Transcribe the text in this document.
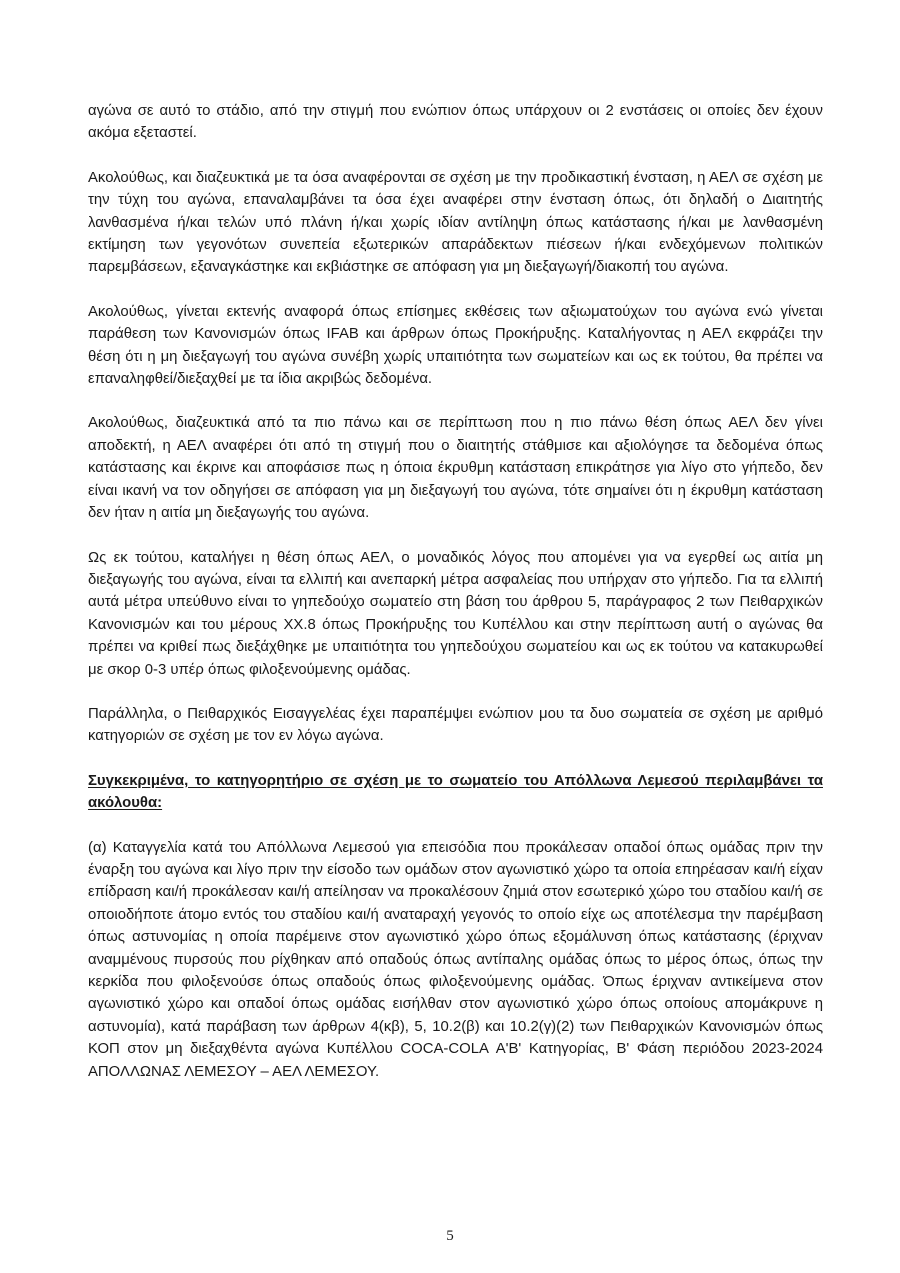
αγώνα σε αυτό το στάδιο, από την στιγμή που ενώπιον όπως υπάρχουν οι 2 ενστάσεις οι οποίες δεν έχουν ακόμα εξεταστεί.

Ακολούθως, και διαζευκτικά με τα όσα αναφέρονται σε σχέση με την προδικαστική ένσταση, η ΑΕΛ σε σχέση με την τύχη του αγώνα, επαναλαμβάνει τα όσα έχει αναφέρει στην ένσταση όπως, ότι δηλαδή ο Διαιτητής λανθασμένα ή/και τελών υπό πλάνη ή/και χωρίς ιδίαν αντίληψη όπως κατάστασης ή/και με λανθασμένη εκτίμηση των γεγονότων συνεπεία εξωτερικών απαράδεκτων πιέσεων ή/και ενδεχόμενων πολιτικών παρεμβάσεων, εξαναγκάστηκε και εκβιάστηκε σε απόφαση για μη διεξαγωγή/διακοπή του αγώνα.

Ακολούθως, γίνεται εκτενής αναφορά όπως επίσημες εκθέσεις των αξιωματούχων του αγώνα ενώ γίνεται παράθεση των Κανονισμών όπως IFAB και άρθρων όπως Προκήρυξης. Καταλήγοντας η ΑΕΛ εκφράζει την θέση ότι η μη διεξαγωγή του αγώνα συνέβη χωρίς υπαιτιότητα των σωματείων και ως εκ τούτου, θα πρέπει να επαναληφθεί/διεξαχθεί με τα ίδια ακριβώς δεδομένα.

Ακολούθως, διαζευκτικά από τα πιο πάνω και σε περίπτωση που η πιο πάνω θέση όπως ΑΕΛ δεν γίνει αποδεκτή, η ΑΕΛ αναφέρει ότι από τη στιγμή που ο διαιτητής στάθμισε και αξιολόγησε τα δεδομένα όπως κατάστασης και έκρινε και αποφάσισε πως η όποια έκρυθμη κατάσταση επικράτησε για λίγο στο γήπεδο, δεν είναι ικανή να τον οδηγήσει σε απόφαση για μη διεξαγωγή του αγώνα, τότε σημαίνει ότι η έκρυθμη κατάσταση δεν ήταν η αιτία μη διεξαγωγής του αγώνα.

Ως εκ τούτου, καταλήγει η θέση όπως ΑΕΛ, ο μοναδικός λόγος που απομένει για να εγερθεί ως αιτία μη διεξαγωγής του αγώνα, είναι τα ελλιπή και ανεπαρκή μέτρα ασφαλείας που υπήρχαν στο γήπεδο. Για τα ελλιπή αυτά μέτρα υπεύθυνο είναι το γηπεδούχο σωματείο στη βάση του άρθρου 5, παράγραφος 2 των Πειθαρχικών Κανονισμών και του μέρους ΧΧ.8 όπως Προκήρυξης του Κυπέλλου και στην περίπτωση αυτή ο αγώνας θα πρέπει να κριθεί πως διεξάχθηκε με υπαιτιότητα του γηπεδούχου σωματείου και ως εκ τούτου να κατακυρωθεί με σκορ 0-3 υπέρ όπως φιλοξενούμενης ομάδας.

Παράλληλα, ο Πειθαρχικός Εισαγγελέας έχει παραπέμψει ενώπιον μου τα δυο σωματεία σε σχέση με αριθμό κατηγοριών σε σχέση με τον εν λόγω αγώνα.

Συγκεκριμένα, το κατηγορητήριο σε σχέση με το σωματείο του Απόλλωνα Λεμεσού περιλαμβάνει τα ακόλουθα:

(α) Καταγγελία κατά του Απόλλωνα Λεμεσού για επεισόδια που προκάλεσαν οπαδοί όπως ομάδας πριν την έναρξη του αγώνα και λίγο πριν την είσοδο των ομάδων στον αγωνιστικό χώρο τα οποία επηρέασαν και/ή είχαν επίδραση και/ή προκάλεσαν και/ή απείλησαν να προκαλέσουν ζημιά στον εσωτερικό χώρο του σταδίου και/ή σε οποιοδήποτε άτομο εντός του σταδίου και/ή αναταραχή γεγονός το οποίο είχε ως αποτέλεσμα την παρέμβαση όπως αστυνομίας η οποία παρέμεινε στον αγωνιστικό χώρο όπως εξομάλυνση όπως κατάστασης (έριχναν αναμμένους πυρσούς που ρίχθηκαν από οπαδούς όπως αντίπαλης ομάδας όπως το μέρος όπως, όπως την κερκίδα που φιλοξενούσε όπως οπαδούς όπως φιλοξενούμενης ομάδας. Όπως έριχναν αντικείμενα στον αγωνιστικό χώρο και οπαδοί όπως ομάδας εισήλθαν στον αγωνιστικό χώρο όπως οποίους απομάκρυνε η αστυνομία), κατά παράβαση των άρθρων 4(κβ), 5, 10.2(β) και 10.2(γ)(2) των Πειθαρχικών Κανονισμών όπως ΚΟΠ στον μη διεξαχθέντα αγώνα Κυπέλλου COCA-COLA Α'Β' Κατηγορίας, Β' Φάση περιόδου 2023-2024 ΑΠΟΛΛΩΝΑΣ ΛΕΜΕΣΟΥ – ΑΕΛ ΛΕΜΕΣΟΥ.

5
